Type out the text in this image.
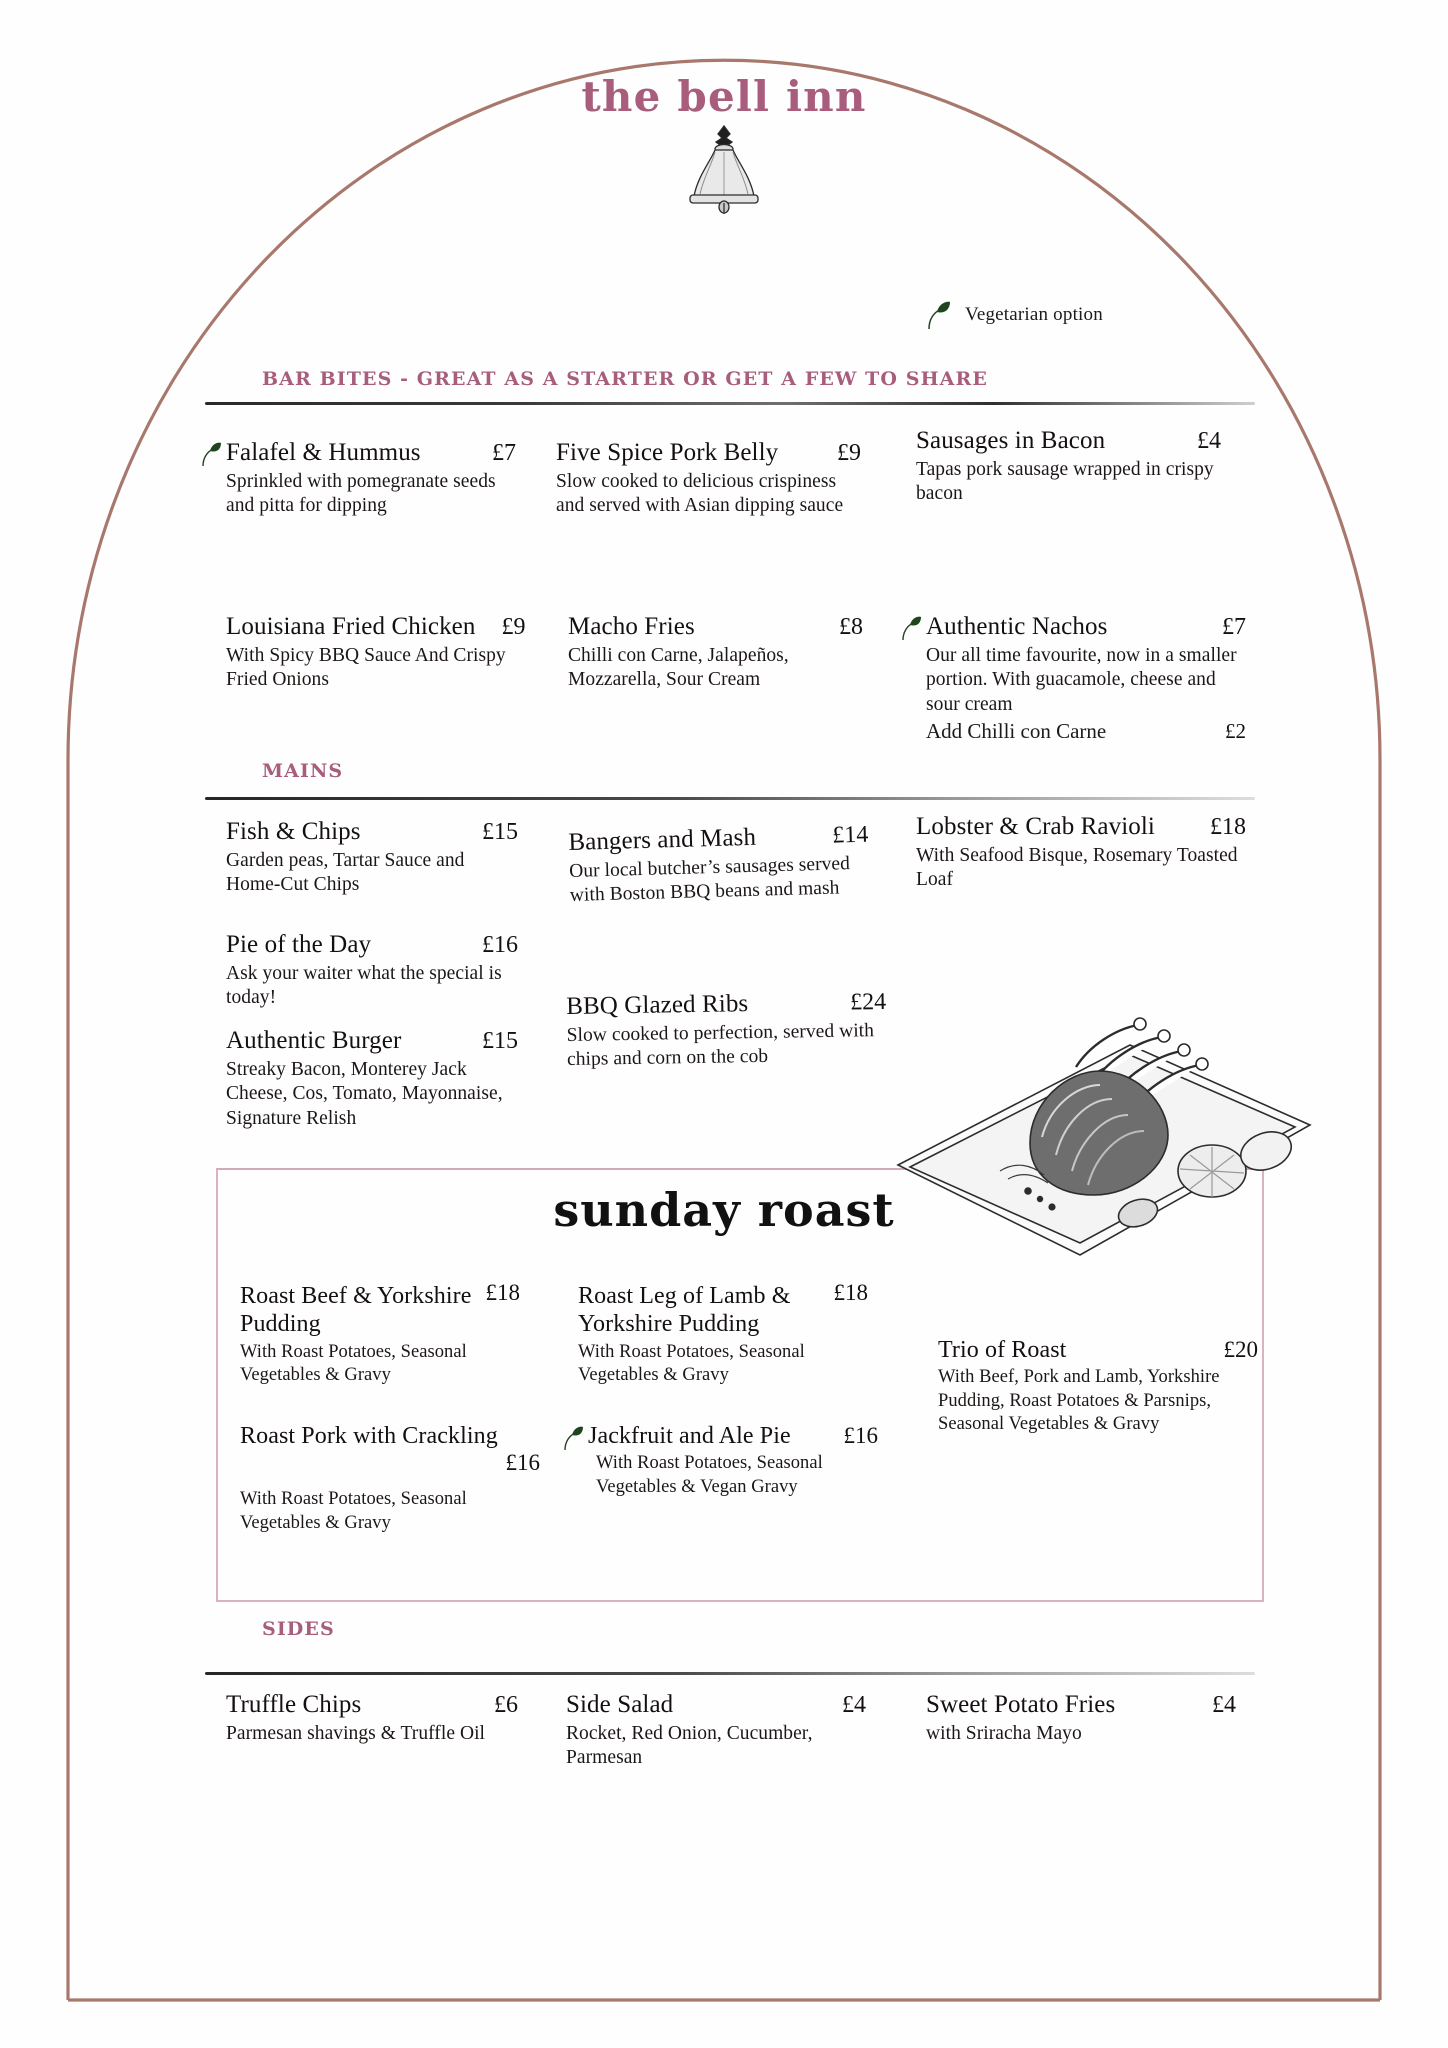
the bell inn
Vegetarian option
BAR BITES - GREAT AS A STARTER OR GET A FEW TO SHARE
Falafel & Hummus	£7
Sprinkled with pomegranate seeds and pitta for dipping
Five Spice Pork Belly	£9
Slow cooked to delicious crispiness and served with Asian dipping sauce
Sausages in Bacon	£4
Tapas pork sausage wrapped in crispy bacon
Louisiana Fried Chicken	£9
With Spicy BBQ Sauce And Crispy Fried Onions
Macho Fries	£8
Chilli con Carne, Jalapeños, Mozzarella, Sour Cream
Authentic Nachos	£7
Our all time favourite, now in a smaller portion. With guacamole, cheese and sour cream
Add Chilli con Carne	£2
MAINS
Fish & Chips	£15
Garden peas, Tartar Sauce and Home-Cut Chips
Pie of the Day	£16
Ask your waiter what the special is today!
Authentic Burger	£15
Streaky Bacon, Monterey Jack Cheese, Cos, Tomato, Mayonnaise, Signature Relish
Bangers and Mash	£14
Our local butcher’s sausages served with Boston BBQ beans and mash
BBQ Glazed Ribs	£24
Slow cooked to perfection, served with chips and corn on the cob
Lobster & Crab Ravioli	£18
With Seafood Bisque, Rosemary Toasted Loaf
sunday roast
Roast Beef & Yorkshire Pudding
£18
With Roast Potatoes, Seasonal Vegetables & Gravy
Roast Leg of Lamb & Yorkshire Pudding
£18
With Roast Potatoes, Seasonal Vegetables & Gravy
Trio of Roast	£20
With Beef, Pork and Lamb, Yorkshire Pudding, Roast Potatoes & Parsnips, Seasonal Vegetables & Gravy
Roast Pork with Crackling
£16
With Roast Potatoes, Seasonal Vegetables & Gravy
Jackfruit and Ale Pie	£16
With Roast Potatoes, Seasonal Vegetables & Vegan Gravy
SIDES
Truffle Chips	£6
Parmesan shavings & Truffle Oil
Side Salad	£4
Rocket, Red Onion, Cucumber, Parmesan
Sweet Potato Fries	£4
with Sriracha Mayo
